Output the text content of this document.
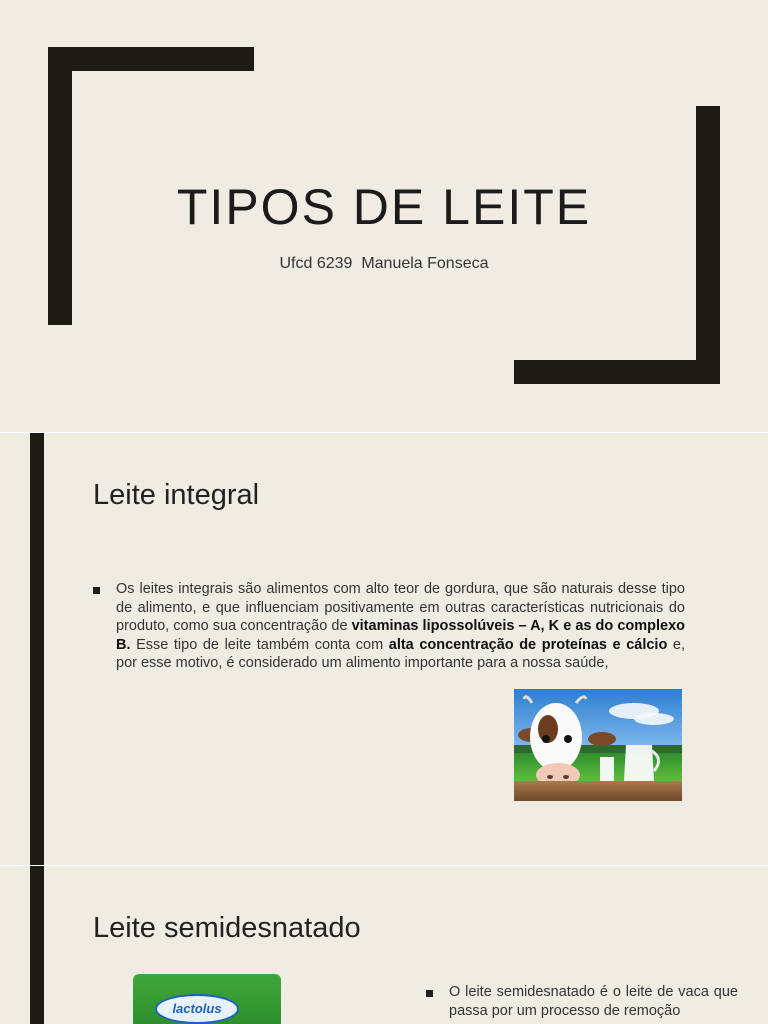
TIPOS DE LEITE
Ufcd 6239  Manuela Fonseca
Leite integral
Os leites integrais são alimentos com alto teor de gordura, que são naturais desse tipo de alimento, e que influenciam positivamente em outras características nutricionais do produto, como sua concentração de vitaminas lipossolúveis – A, K e as do complexo B. Esse tipo de leite também conta com alta concentração de proteínas e cálcio e, por esse motivo, é considerado um alimento importante para a nossa saúde,
Leite semidesnatado
lactolus
O leite semidesnatado é o leite de vaca que passa por um processo de remoção
